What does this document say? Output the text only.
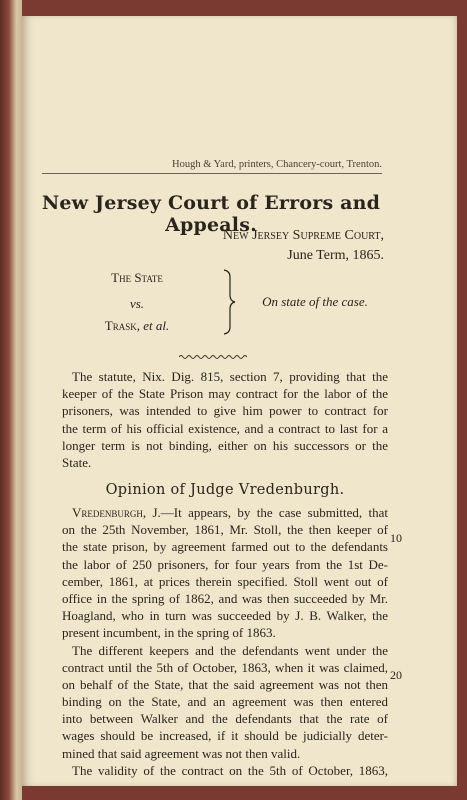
Hough & Yard, printers, Chancery-court, Trenton.
New Jersey Court of Errors and Appeals.
New Jersey Supreme Court,
June Term, 1865.
The State
vs.
Trask, et al.
On state of the case.
The statute, Nix. Dig. 815, section 7, providing that the
keeper of the State Prison may contract for the labor of the
prisoners, was intended to give him power to contract for
the term of his official existence, and a contract to last for a
longer term is not binding, either on his successors or the
State.
Opinion of Judge Vredenburgh.
Vredenburgh, J.—It appears, by the case submitted, that
on the 25th November, 1861, Mr. Stoll, the then keeper of
the state prison, by agreement farmed out to the defendants
the labor of 250 prisoners, for four years from the 1st De-
cember, 1861, at prices therein specified. Stoll went out of
office in the spring of 1862, and was then succeeded by Mr.
Hoagland, who in turn was succeeded by J. B. Walker, the
present incumbent, in the spring of 1863.
The different keepers and the defendants went under the
contract until the 5th of October, 1863, when it was claimed,
on behalf of the State, that the said agreement was not then
binding on the State, and an agreement was then entered
into between Walker and the defendants that the rate of
wages should be increased, if it should be judicially deter-
mined that said agreement was not then valid.
The validity of the contract on the 5th of October, 1863,
10
20
